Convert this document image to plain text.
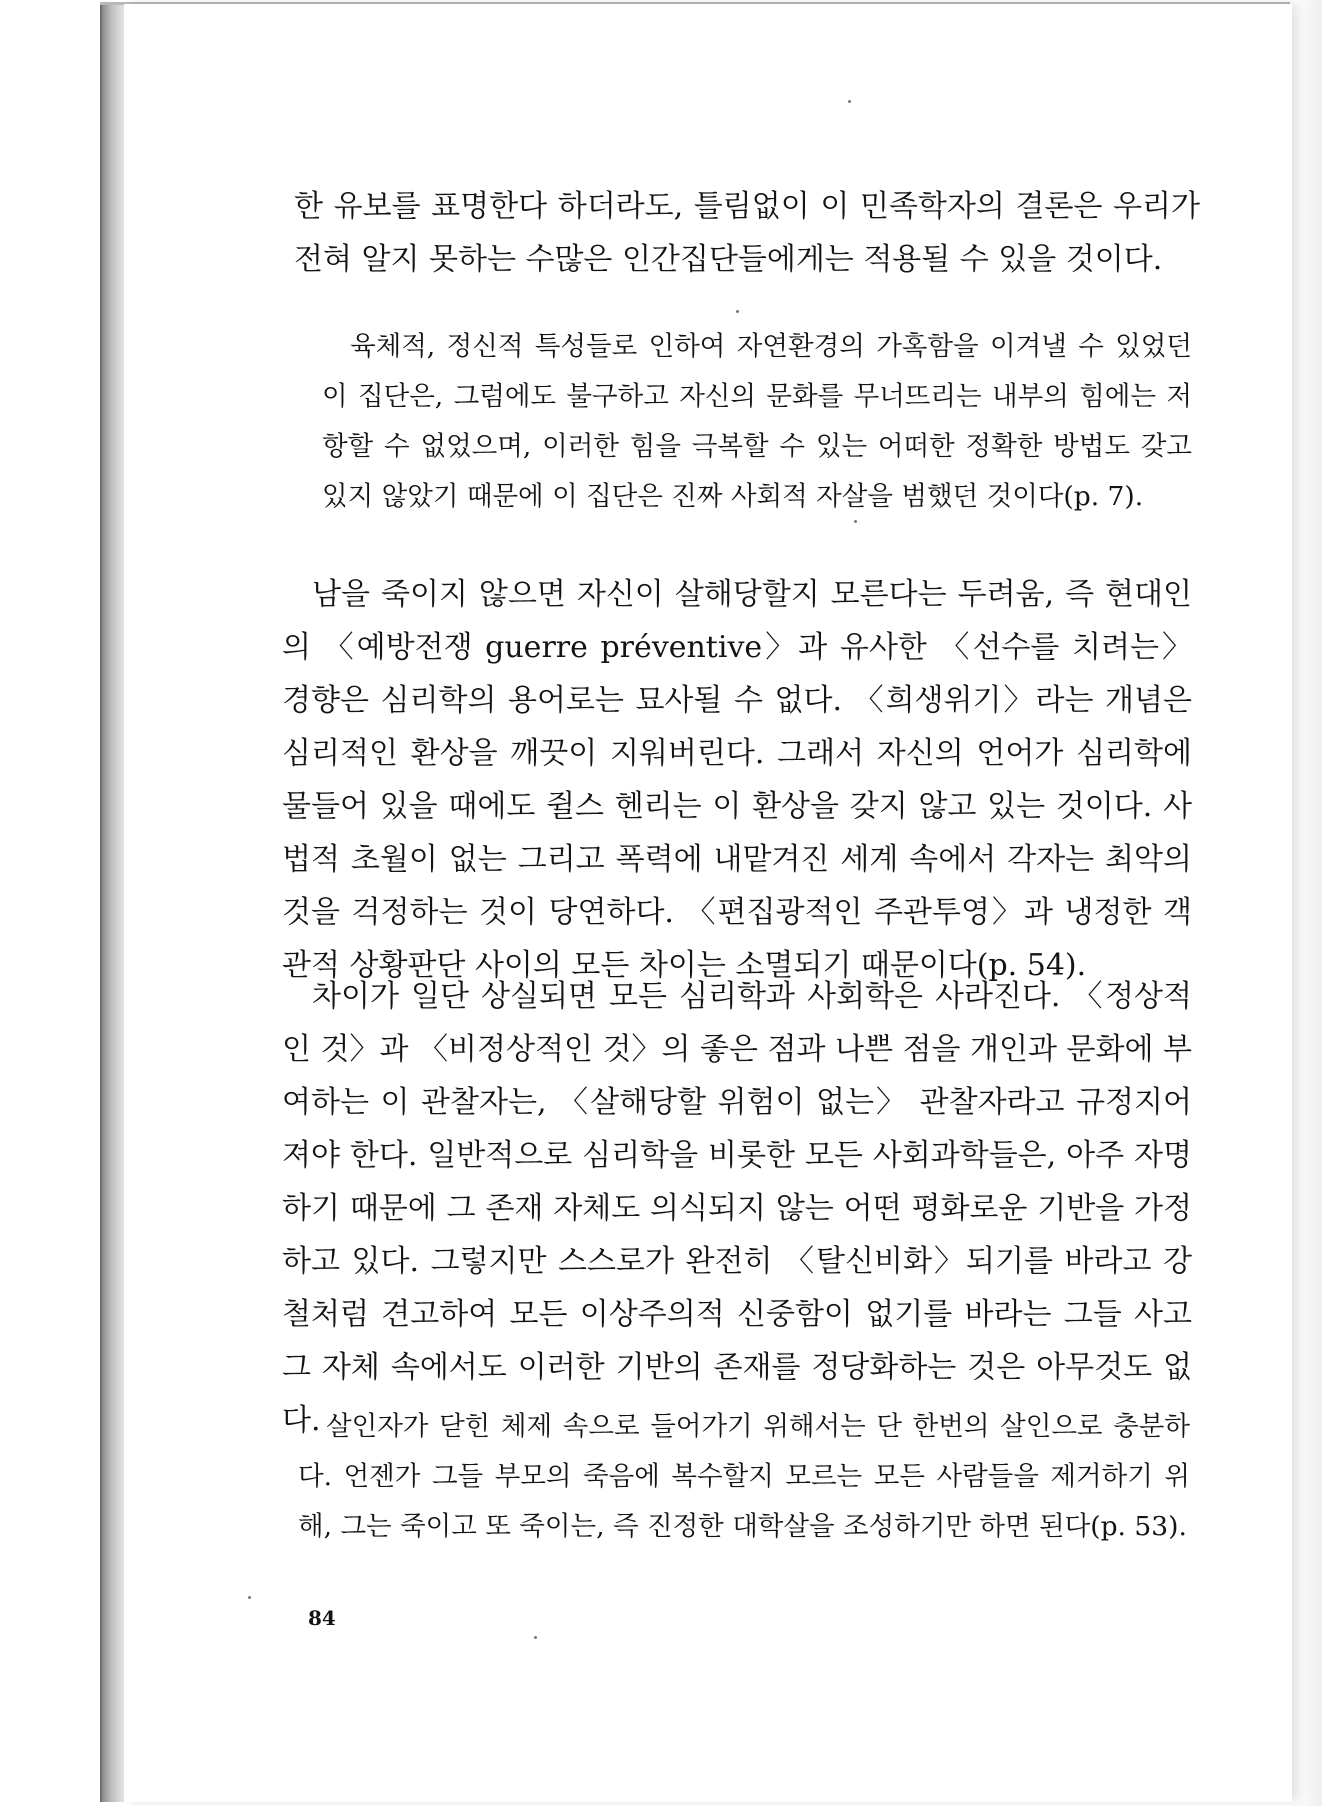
한 유보를 표명한다 하더라도, 틀림없이 이 민족학자의 결론은 우리가 전혀 알지 못하는 수많은 인간집단들에게는 적용될 수 있을 것이다.

육체적, 정신적 특성들로 인하여 자연환경의 가혹함을 이겨낼 수 있었던 이 집단은, 그럼에도 불구하고 자신의 문화를 무너뜨리는 내부의 힘에는 저항할 수 없었으며, 이러한 힘을 극복할 수 있는 어떠한 정확한 방법도 갖고 있지 않았기 때문에 이 집단은 진짜 사회적 자살을 범했던 것이다(p. 7).

남을 죽이지 않으면 자신이 살해당할지 모른다는 두려움, 즉 현대인의 〈예방전쟁 guerre préventive〉과 유사한 〈선수를 치려는〉 경향은 심리학의 용어로는 묘사될 수 없다. 〈희생위기〉라는 개념은 심리적인 환상을 깨끗이 지워버린다. 그래서 자신의 언어가 심리학에 물들어 있을 때에도 쥘스 헨리는 이 환상을 갖지 않고 있는 것이다. 사법적 초월이 없는 그리고 폭력에 내맡겨진 세계 속에서 각자는 최악의 것을 걱정하는 것이 당연하다. 〈편집광적인 주관투영〉과 냉정한 객관적 상황판단 사이의 모든 차이는 소멸되기 때문이다(p. 54).

차이가 일단 상실되면 모든 심리학과 사회학은 사라진다. 〈정상적인 것〉과 〈비정상적인 것〉의 좋은 점과 나쁜 점을 개인과 문화에 부여하는 이 관찰자는, 〈살해당할 위험이 없는〉 관찰자라고 규정지어져야 한다. 일반적으로 심리학을 비롯한 모든 사회과학들은, 아주 자명하기 때문에 그 존재 자체도 의식되지 않는 어떤 평화로운 기반을 가정하고 있다. 그렇지만 스스로가 완전히 〈탈신비화〉되기를 바라고 강철처럼 견고하여 모든 이상주의적 신중함이 없기를 바라는 그들 사고 그 자체 속에서도 이러한 기반의 존재를 정당화하는 것은 아무것도 없다. 살인자가 닫힌 체제 속으로 들어가기 위해서는 단 한번의 살인으로 충분하다. 언젠가 그들 부모의 죽음에 복수할지 모르는 모든 사람들을 제거하기 위해, 그는 죽이고 또 죽이는, 즉 진정한 대학살을 조성하기만 하면 된다(p. 53).

84
